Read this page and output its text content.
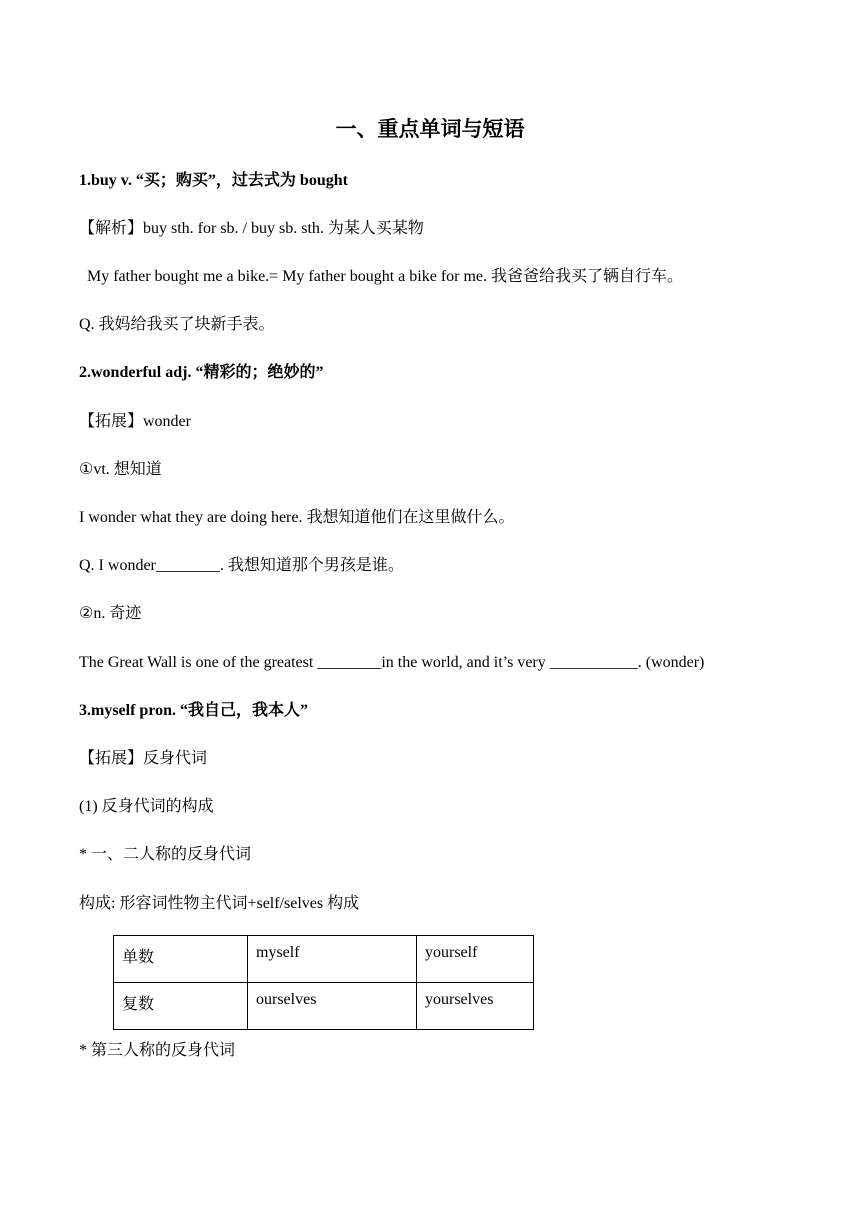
一、重点单词与短语
1.buy v. “买；购买”，过去式为 bought
【解析】buy sth. for sb. / buy sb. sth. 为某人买某物
My father bought me a bike.= My father bought a bike for me. 我爸爸给我买了辆自行车。
Q. 我妈给我买了块新手表。
2.wonderful adj. “精彩的；绝妙的”
【拓展】wonder
①vt. 想知道
I wonder what they are doing here. 我想知道他们在这里做什么。
Q. I wonder________. 我想知道那个男孩是谁。
②n. 奇迹
The Great Wall is one of the greatest ________in the world, and it’s very ___________. (wonder)
3.myself pron. “我自己，我本人”
【拓展】反身代词
(1) 反身代词的构成
* 一、二人称的反身代词
构成: 形容词性物主代词+self/selves 构成
单数	myself	yourself
复数	ourselves	yourselves
* 第三人称的反身代词
